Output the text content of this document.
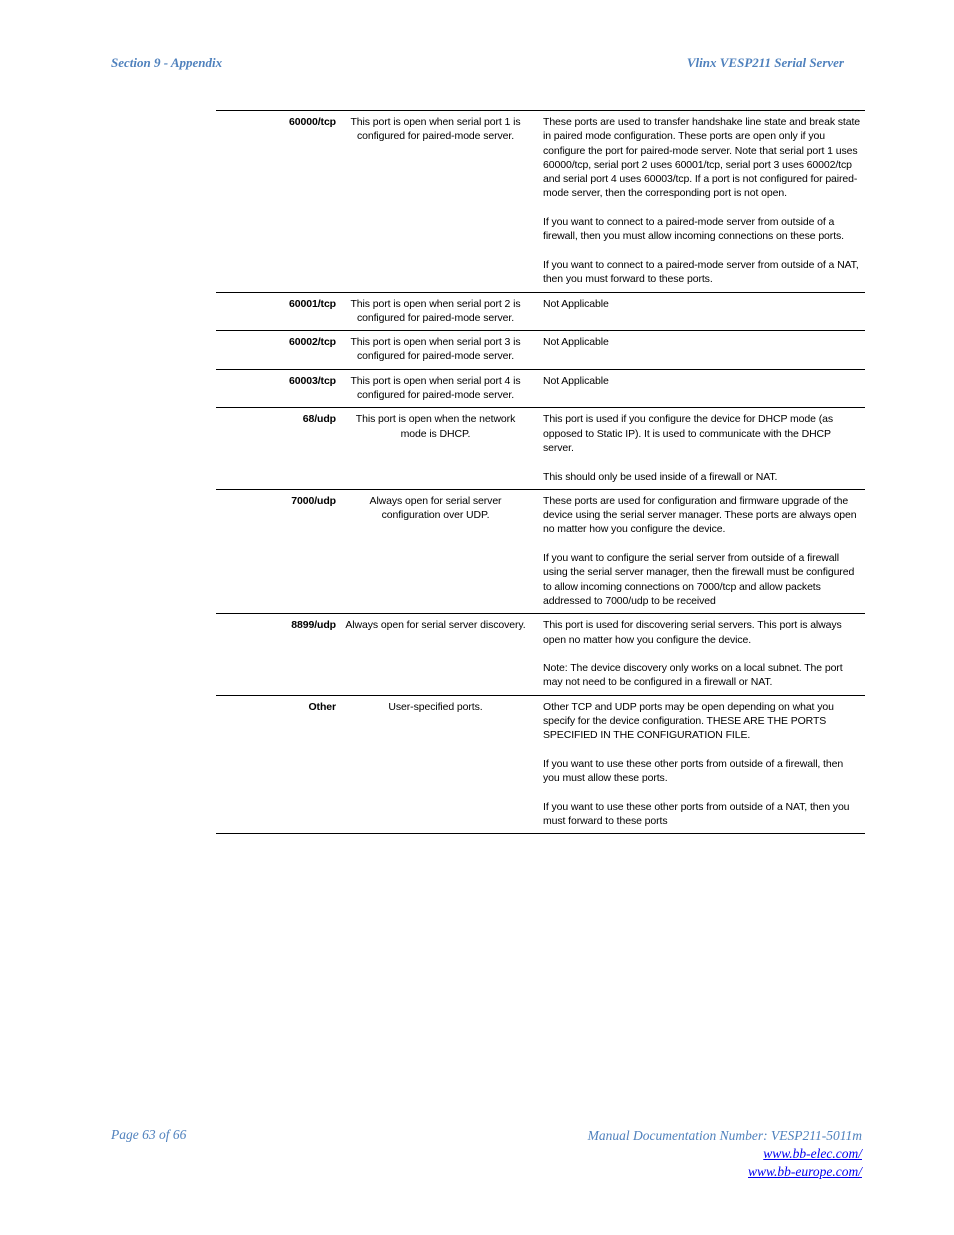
Section 9 - Appendix	Vlinx VESP211 Serial Server
60000/tcp	This port is open when serial port 1 is configured for paired-mode server.	These ports are used to transfer handshake line state and break state in paired mode configuration. These ports are open only if you configure the port for paired-mode server. Note that serial port 1 uses 60000/tcp, serial port 2 uses 60001/tcp, serial port 3 uses 60002/tcp and serial port 4 uses 60003/tcp. If a port is not configured for paired-mode server, then the corresponding port is not open.

If you want to connect to a paired-mode server from outside of a firewall, then you must allow incoming connections on these ports.

If you want to connect to a paired-mode server from outside of a NAT, then you must forward to these ports.

60001/tcp	This port is open when serial port 2 is configured for paired-mode server.	Not Applicable

60002/tcp	This port is open when serial port 3 is configured for paired-mode server.	Not Applicable

60003/tcp	This port is open when serial port 4 is configured for paired-mode server.	Not Applicable

68/udp	This port is open when the network mode is DHCP.	This port is used if you configure the device for DHCP mode (as opposed to Static IP). It is used to communicate with the DHCP server.

This should only be used inside of a firewall or NAT.

7000/udp	Always open for serial server configuration over UDP.	These ports are used for configuration and firmware upgrade of the device using the serial server manager. These ports are always open no matter how you configure the device.

If you want to configure the serial server from outside of a firewall using the serial server manager, then the firewall must be configured to allow incoming connections on 7000/tcp and allow packets addressed to 7000/udp to be received

8899/udp	Always open for serial server discovery.	This port is used for discovering serial servers. This port is always open no matter how you configure the device.

Note: The device discovery only works on a local subnet. The port may not need to be configured in a firewall or NAT.

Other	User-specified ports.	Other TCP and UDP ports may be open depending on what you specify for the device configuration. THESE ARE THE PORTS SPECIFIED IN THE CONFIGURATION FILE.

If you want to use these other ports from outside of a firewall, then you must allow these ports.

If you want to use these other ports from outside of a NAT, then you must forward to these ports

Page 63 of 66	Manual Documentation Number: VESP211-5011m
www.bb-elec.com/
www.bb-europe.com/
